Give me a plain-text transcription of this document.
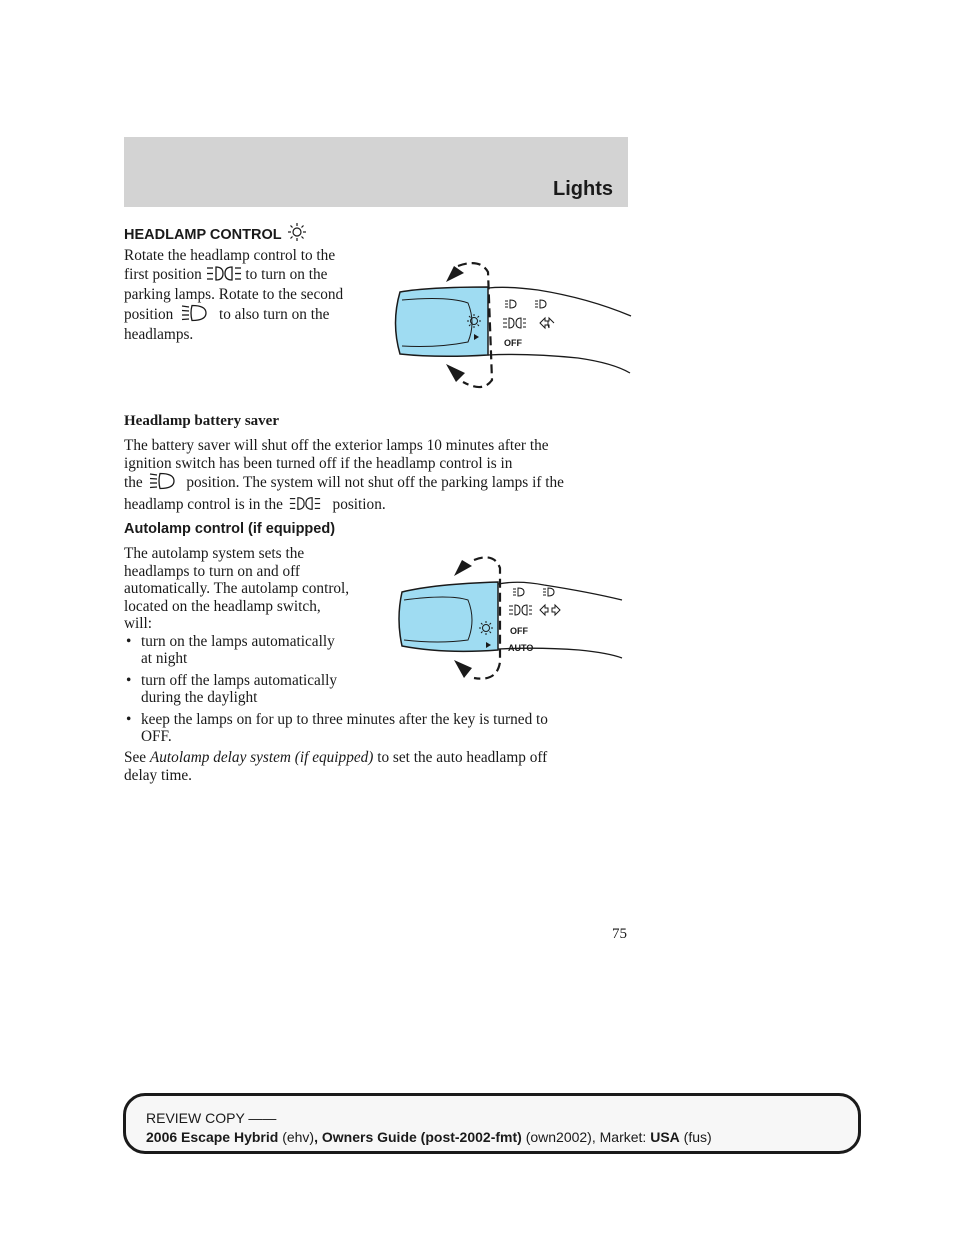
Lights
HEADLAMP CONTROL
Rotate the headlamp control to the
first position	to turn on the
parking lamps. Rotate to the second
position	to also turn on the
headlamps.	OFF
Headlamp battery saver
The battery saver will shut off the exterior lamps 10 minutes after the
ignition switch has been turned off if the headlamp control is in
the	position. The system will not shut off the parking lamps if the
headlamp control is in the	position.
Autolamp control (if equipped)
The autolamp system sets the
headlamps to turn on and off
automatically. The autolamp control,
located on the headlamp switch,
will:
• turn on the lamps automatically
at night
• turn off the lamps automatically
during the daylight
• keep the lamps on for up to three minutes after the key is turned to
OFF.
See Autolamp delay system (if equipped) to set the auto headlamp off
delay time.
OFF
AUTO
75
REVIEW COPY ——
2006 Escape Hybrid (ehv), Owners Guide (post-2002-fmt) (own2002), Market: USA (fus)
